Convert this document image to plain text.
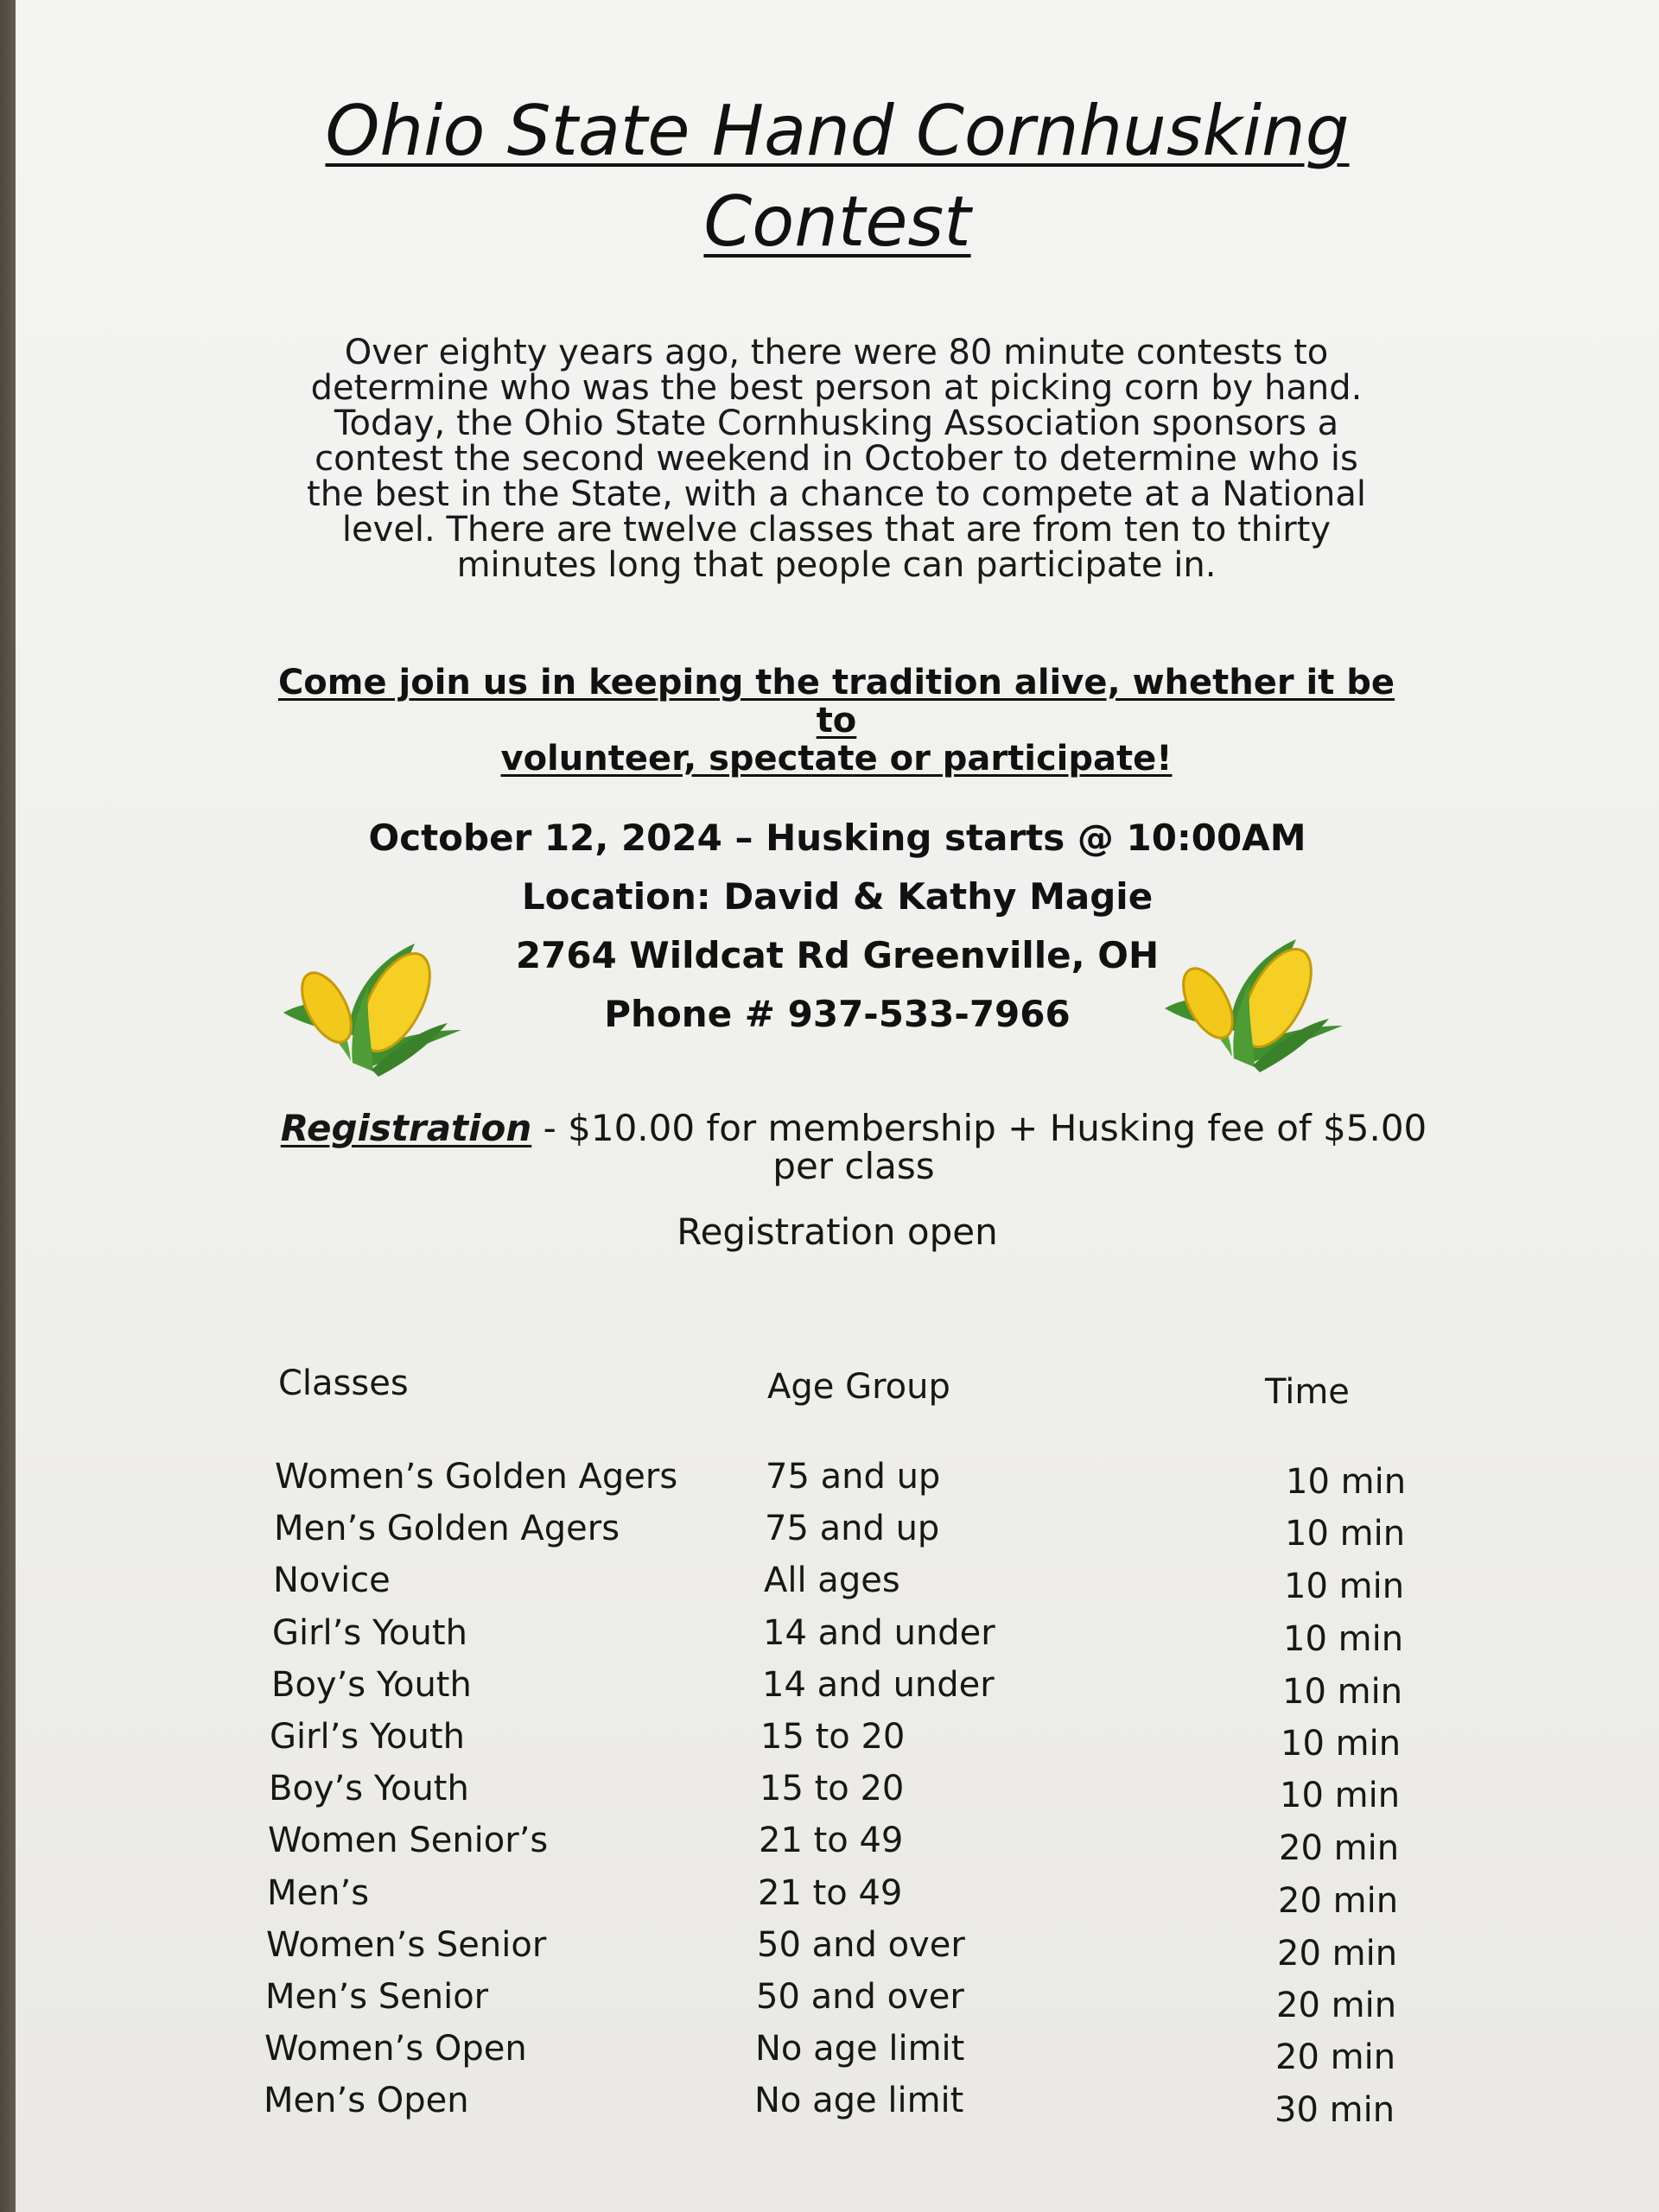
Ohio State Hand Cornhusking
Contest
Over eighty years ago, there were 80 minute contests to
determine who was the best person at picking corn by hand.
Today, the Ohio State Cornhusking Association sponsors a
contest the second weekend in October to determine who is
the best in the State, with a chance to compete at a National
level. There are twelve classes that are from ten to thirty
minutes long that people can participate in.
Come join us in keeping the tradition alive, whether it be to
volunteer, spectate or participate!
October 12, 2024 – Husking starts @ 10:00AM
Location: David & Kathy Magie
2764 Wildcat Rd Greenville, OH
Phone # 937-533-7966
Registration - $10.00 for membership + Husking fee of $5.00
per class
Registration open
Classes	Age Group	Time
Women’s Golden Agers	75 and up	10 min
Men’s Golden Agers	75 and up	10 min
Novice	All ages	10 min
Girl’s Youth	14 and under	10 min
Boy’s Youth	14 and under	10 min
Girl’s Youth	15 to 20	10 min
Boy’s Youth	15 to 20	10 min
Women Senior’s	21 to 49	20 min
Men’s	21 to 49	20 min
Women’s Senior	50 and over	20 min
Men’s Senior	50 and over	20 min
Women’s Open	No age limit	20 min
Men’s Open	No age limit	30 min
